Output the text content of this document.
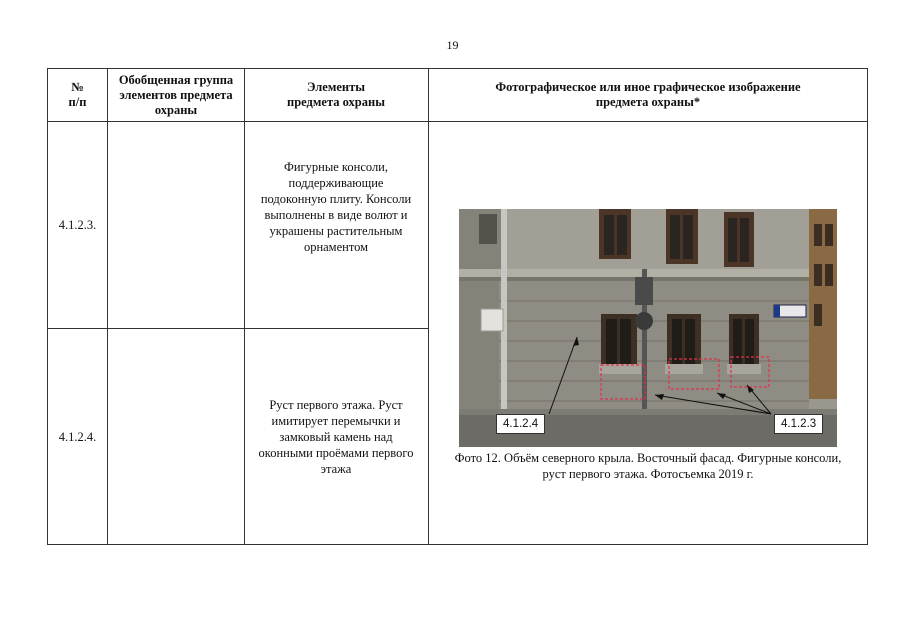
19
№
п/п
Обобщенная группа элементов предмета охраны
Элементы предмета охраны
Фотографическое или иное графическое изображение предмета охраны*
4.1.2.3.
Фигурные консоли, поддерживающие подоконную плиту. Консоли выполнены в виде волют и украшены растительным орнаментом
4.1.2.4.
Руст первого этажа. Руст имитирует перемычки и замковый камень над оконными проёмами первого этажа
4.1.2.4	4.1.2.3
Фото 12. Объём северного крыла. Восточный фасад. Фигурные консоли, руст первого этажа. Фотосъемка 2019 г.
